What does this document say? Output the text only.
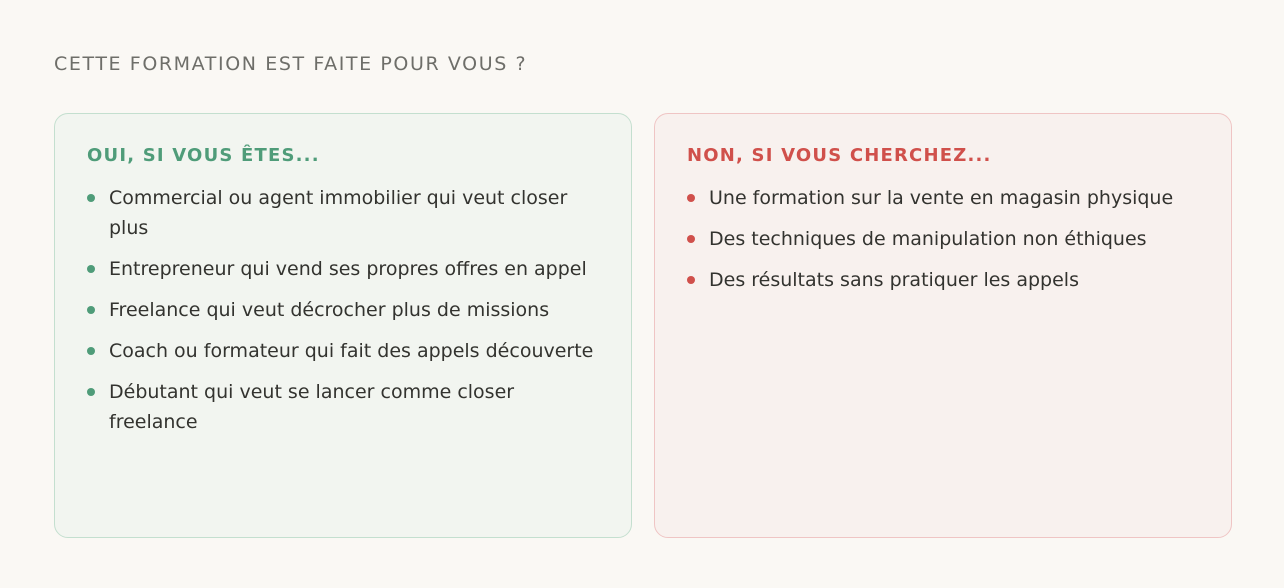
CETTE FORMATION EST FAITE POUR VOUS ?
OUI, SI VOUS ÊTES...
Commercial ou agent immobilier qui veut closer plus
Entrepreneur qui vend ses propres offres en appel
Freelance qui veut décrocher plus de missions
Coach ou formateur qui fait des appels découverte
Débutant qui veut se lancer comme closer freelance
NON, SI VOUS CHERCHEZ...
Une formation sur la vente en magasin physique
Des techniques de manipulation non éthiques
Des résultats sans pratiquer les appels
